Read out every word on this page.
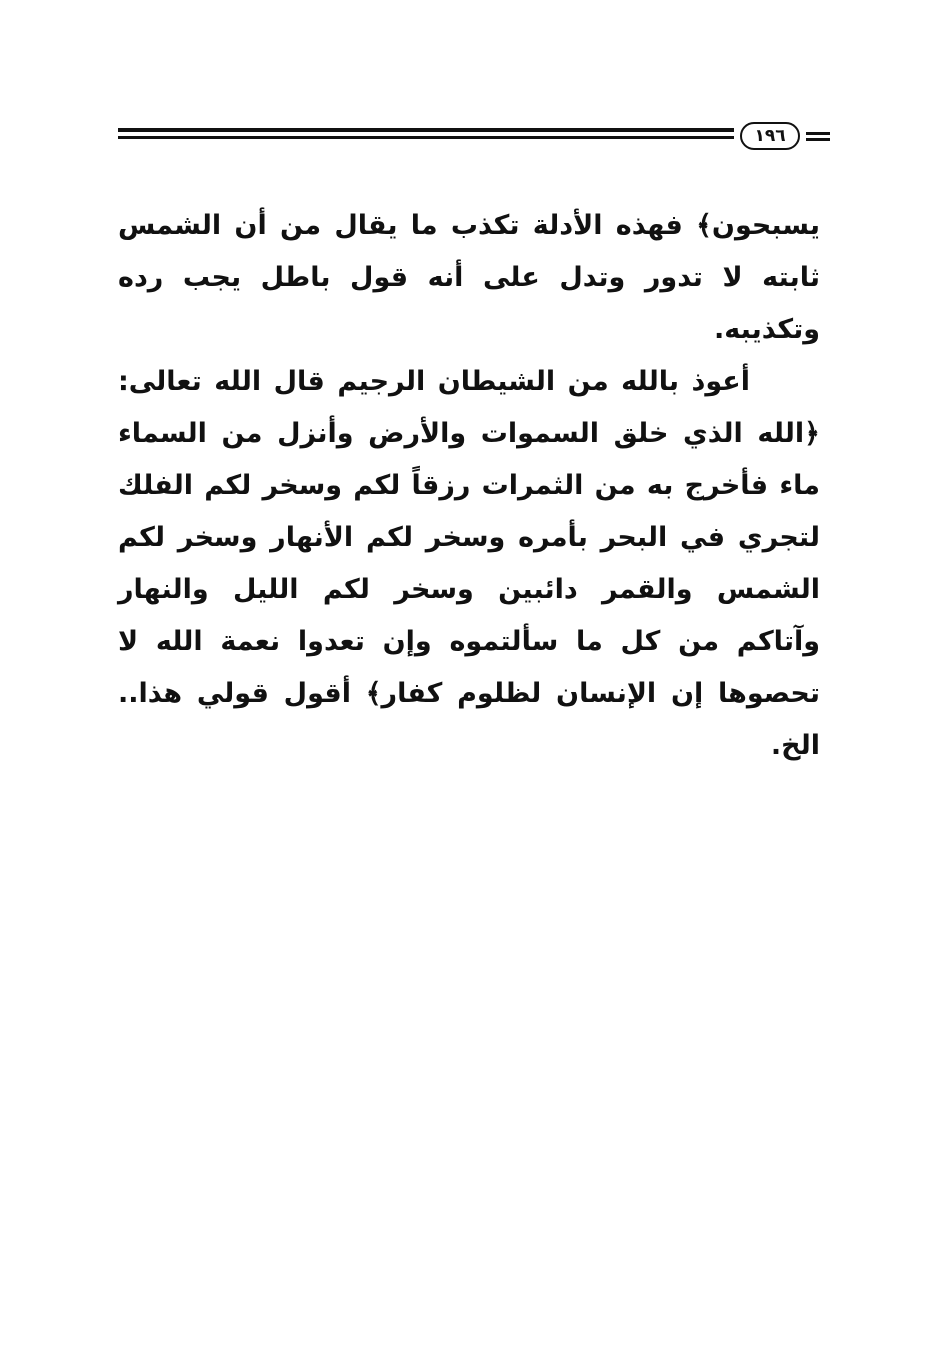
١٩٦

يسبحون﴾ فهذه الأدلة تكذب ما يقال من أن الشمس ثابته لا تدور وتدل على أنه قول باطل يجب رده وتكذيبه.

أعوذ بالله من الشيطان الرجيم قال الله تعالى: ﴿الله الذي خلق السموات والأرض وأنزل من السماء ماء فأخرج به من الثمرات رزقاً لكم وسخر لكم الفلك لتجري في البحر بأمره وسخر لكم الأنهار وسخر لكم الشمس والقمر دائبين وسخر لكم الليل والنهار وآتاكم من كل ما سألتموه وإن تعدوا نعمة الله لا تحصوها إن الإنسان لظلوم كفار﴾ أقول قولي هذا.. الخ.
